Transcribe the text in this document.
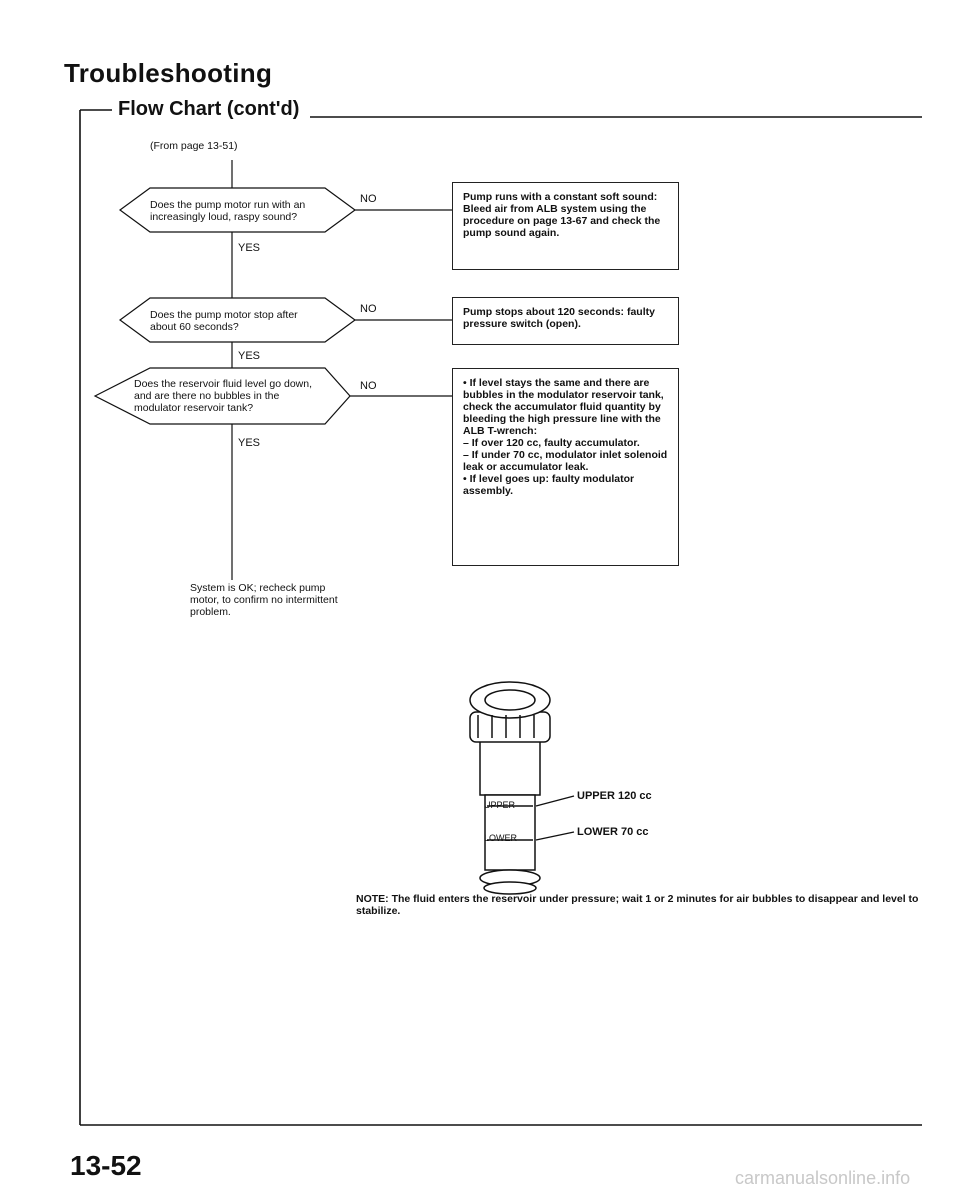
Troubleshooting
Flow Chart (cont'd)
(From page 13-51)
Does the pump motor run with an increasingly loud, raspy sound?
NO
YES
Pump runs with a constant soft sound: Bleed air from ALB system using the procedure on page 13-67 and check the pump sound again.
Does the pump motor stop after about 60 seconds?
NO
YES
Pump stops about 120 seconds: faulty pressure switch (open).
Does the reservoir fluid level go down, and are there no bubbles in the modulator reservoir tank?
NO
YES
• If level stays the same and there are bubbles in the modulator reservoir tank, check the accumulator fluid quantity by bleeding the high pressure line with the ALB T-wrench:
– If over 120 cc, faulty accumulator.
– If under 70 cc, modulator inlet solenoid leak or accumulator leak.
• If level goes up: faulty modulator assembly.
System is OK; recheck pump motor, to confirm no intermittent problem.
UPPER
LOWER
UPPER 120 cc
LOWER 70 cc
NOTE: The fluid enters the reservoir under pressure; wait 1 or 2 minutes for air bubbles to disappear and level to stabilize.
13-52	carmanualsonline.info
